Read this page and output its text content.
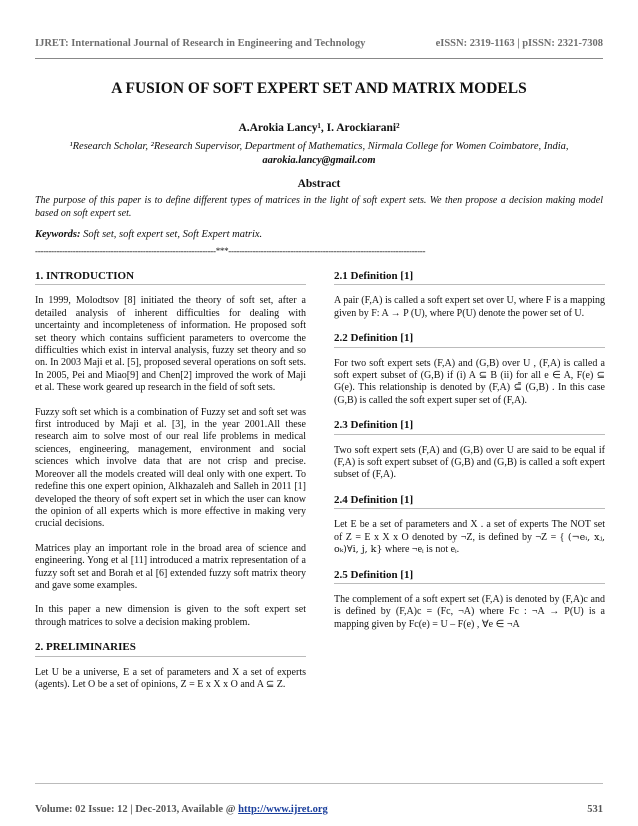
IJRET: International Journal of Research in Engineering and Technology	eISSN: 2319-1163 | pISSN: 2321-7308
A FUSION OF SOFT EXPERT SET AND MATRIX MODELS
A.Arokia Lancy¹, I. Arockiarani²
¹Research Scholar, ²Research Supervisor, Department of Mathematics, Nirmala College for Women Coimbatore, India,
aarokia.lancy@gmail.com
Abstract
The purpose of this paper is to define different types of matrices in the light of soft expert sets. We then propose a decision making model based on soft expert set.
Keywords: Soft set, soft expert set, Soft Expert matrix.
-------------------------------------------------------------------***-------------------------------------------------------------------------
1. INTRODUCTION

In 1999, Molodtsov [8] initiated the theory of soft set, after a detailed analysis of inherent difficulties for dealing with uncertainty and incompleteness of information. He proposed soft set theory which contains sufficient parameters to overcome the difficulties which exist in interval analysis, fuzzy set theory and so on. In 2003 Maji et al. [5], proposed several operations on soft sets. In 2005, Pei and Miao[9] and Chen[2] improved the work of Maji et al. These work geared up research in the field of soft sets.

Fuzzy soft set which is a combination of Fuzzy set and soft set was first introduced by Maji et al. [3], in the year 2001.All these research aim to solve most of our real life problems in medical sciences, engineering, management, environment and social sciences which involve data that are not crisp and precise. Moreover all the models created will deal only with one expert. To redefine this one expert opinion, Alkhazaleh and Salleh in 2011 [1] developed the theory of soft expert set in which the user can know the opinion of all experts which is more effective in making very crucial decisions.

Matrices play an important role in the broad area of science and engineering. Yong et al [11] introduced a matrix representation of a fuzzy soft set and Borah et al [6] extended fuzzy soft matrix theory and gave some examples.

In this paper a new dimension is given to the soft expert set through matrices to solve a decision making problem.

2. PRELIMINARIES

Let U be a universe, E a set of parameters and X a set of experts (agents). Let O be a set of opinions, Z = E x X x O and A ⊆ Z.

2.1 Definition [1]

A pair (F,A) is called a soft expert set over U, where F is a mapping given by F: A → P (U), where P(U) denote the power set of U.

2.2 Definition [1]

For two soft expert sets (F,A) and (G,B) over U , (F,A) is called a soft expert subset of (G,B) if (i) A ⊆ B (ii) for all e ∈ A, F(e) ⊆ G(e). This relationship is denoted by (F,A) ⊆̃ (G,B) . In this case (G,B) is called the soft expert super set of (F,A).

2.3 Definition [1]

Two soft expert sets (F,A) and (G,B) over U are said to be equal if (F,A) is soft expert subset of (G,B) and (G,B) is called a soft expert subset of (F,A).

2.4 Definition [1]

Let E be a set of parameters and X . a set of experts The NOT set of Z = E x X x O denoted by ¬Z, is defined by ¬Z = { (¬eᵢ, xⱼ, oₖ)∀i, j, k} where ¬eᵢ is not eᵢ.

2.5 Definition [1]

The complement of a soft expert set (F,A) is denoted by (F,A)c and is defined by (F,A)c = (Fc, ¬A) where Fc : ¬A → P(U) is a mapping given by Fc(e) = U – F(e) , ∀e ∈ ¬A

Volume: 02 Issue: 12 | Dec-2013, Available @ http://www.ijret.org	531
